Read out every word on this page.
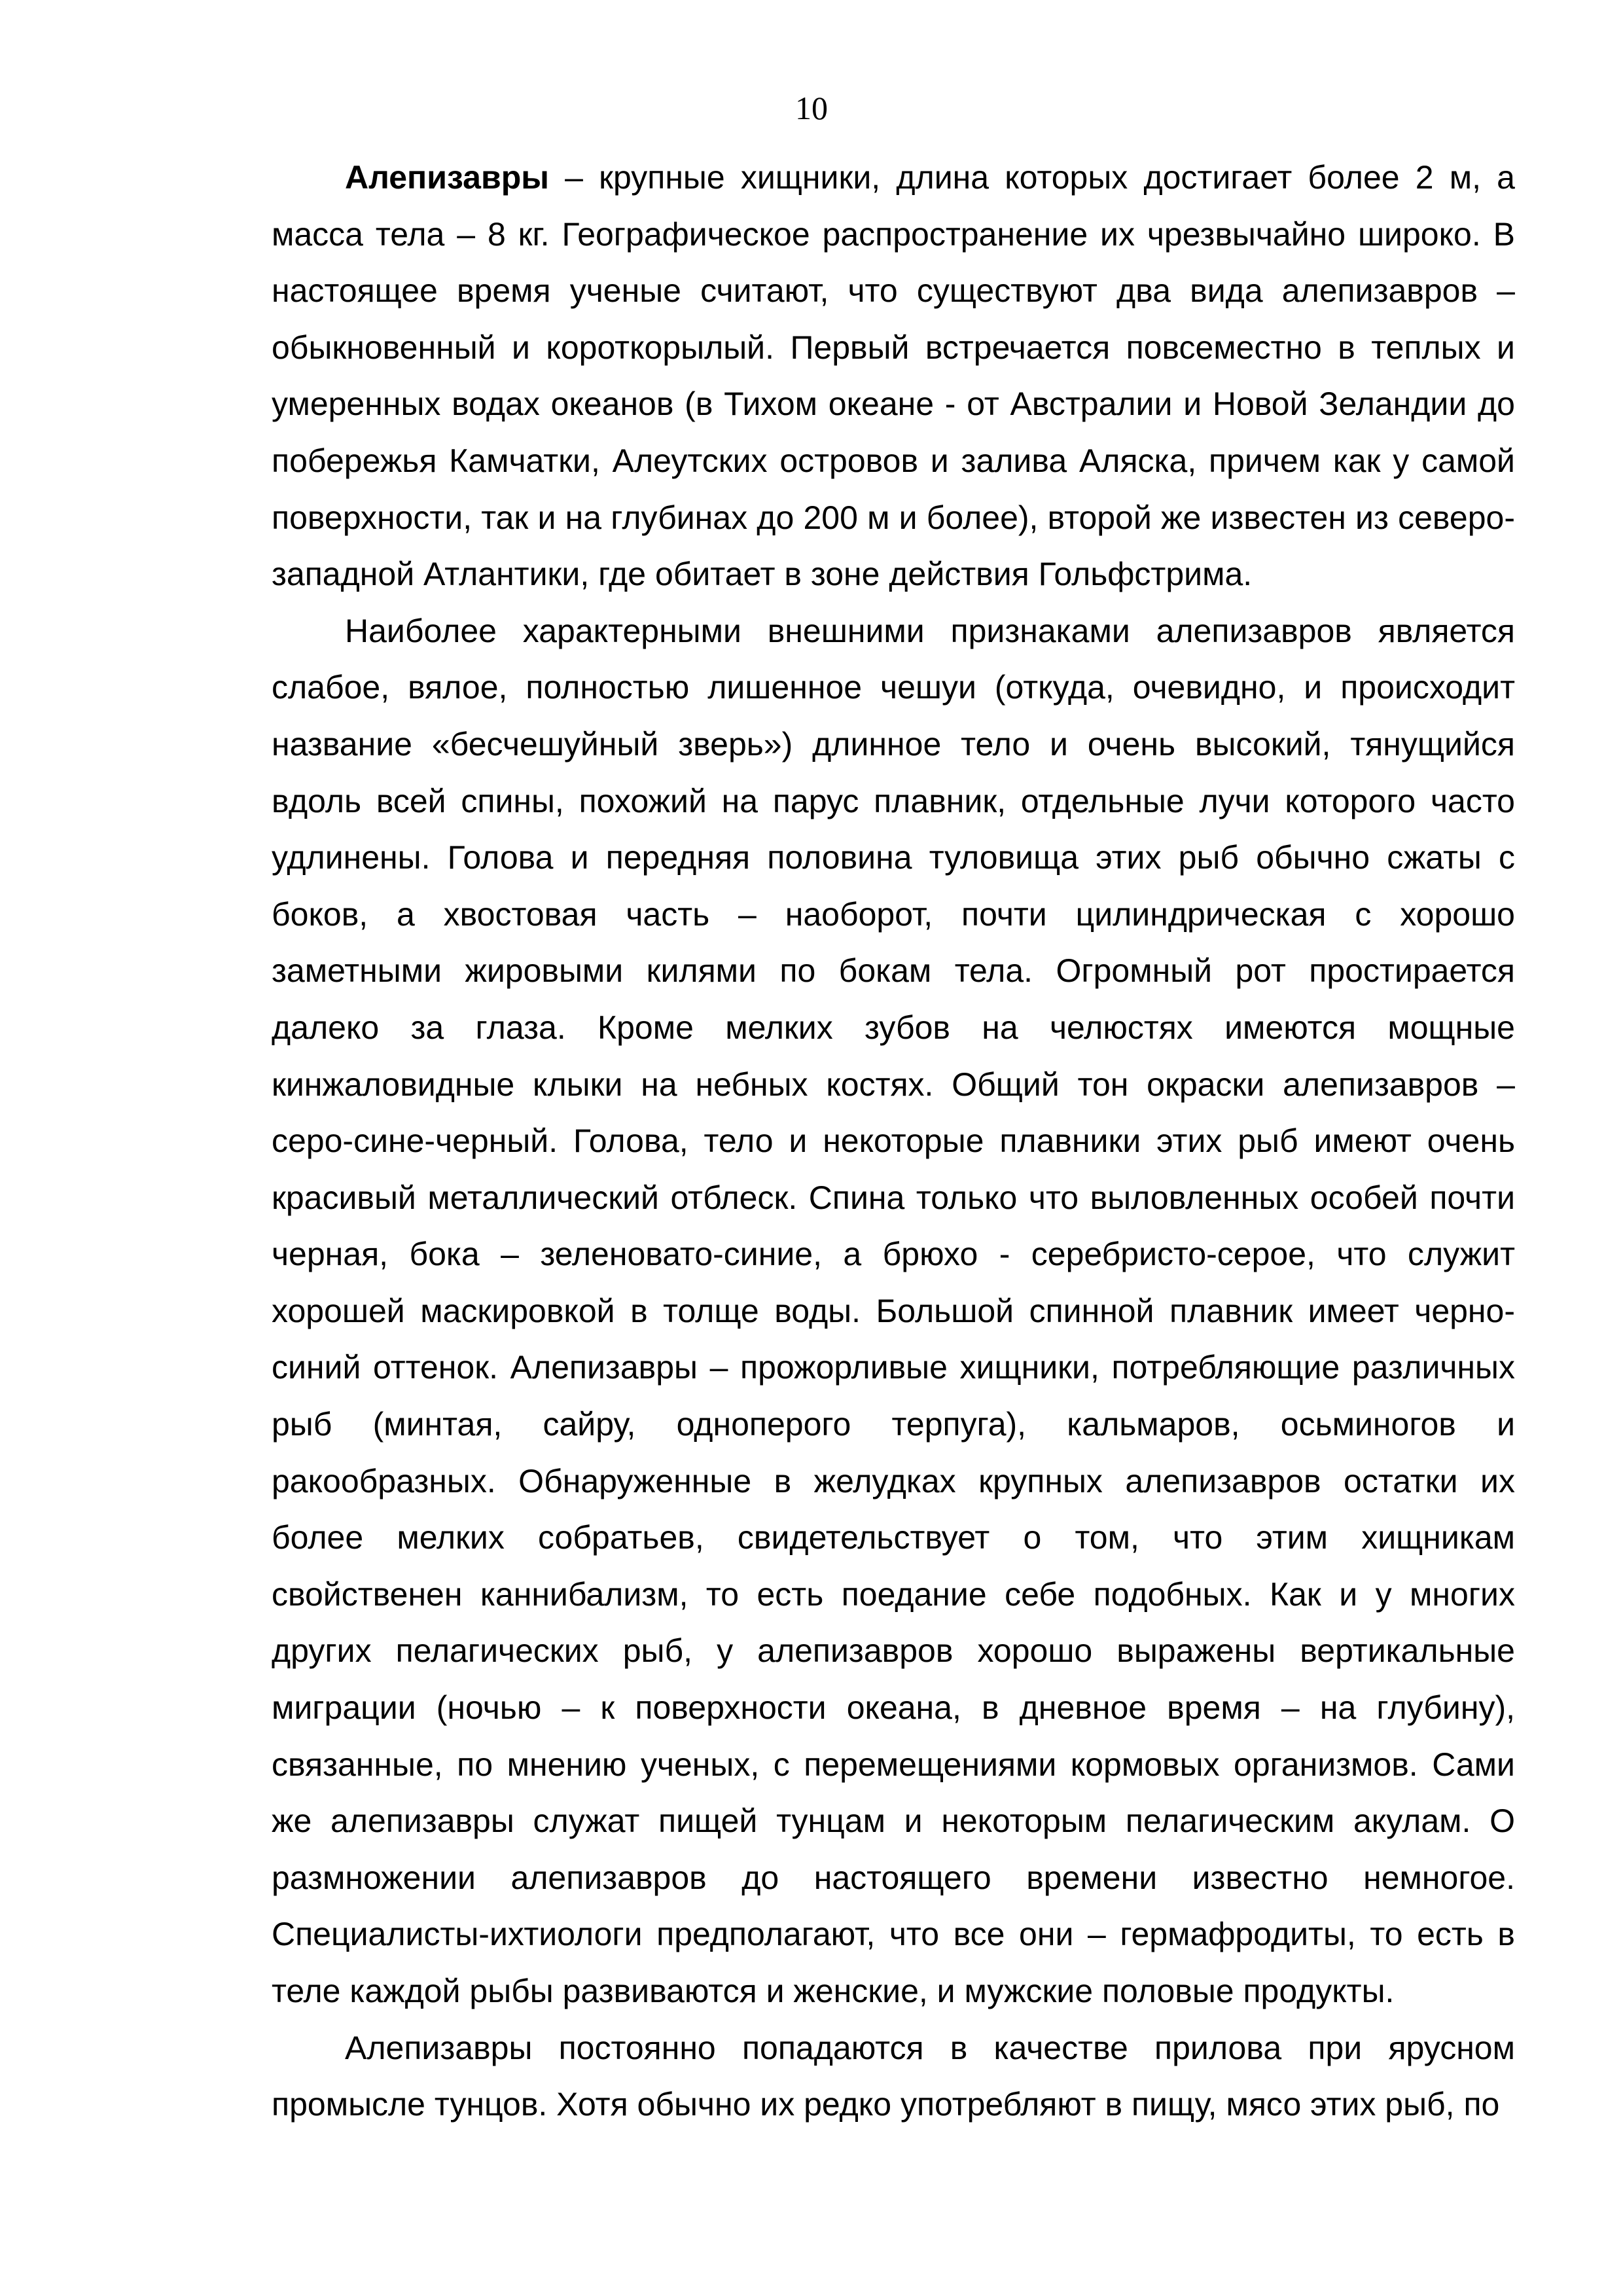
10

Алепизавры – крупные хищники, длина которых достигает более 2 м, а масса тела – 8 кг. Географическое распространение их чрезвычайно широко. В настоящее время ученые считают, что существуют два вида алепизавров – обыкновенный и короткорылый. Первый встречается повсеместно в теплых и умеренных водах океанов (в Тихом океане - от Австралии и Новой Зеландии до побережья Камчатки, Алеутских островов и залива Аляска, причем как у самой поверхности, так и на глубинах до 200 м и более), второй же известен из северо-западной Атлантики, где обитает в зоне действия Гольфстрима.

Наиболее характерными внешними признаками алепизавров является слабое, вялое, полностью лишенное чешуи (откуда, очевидно, и происходит название «бесчешуйный зверь») длинное тело и очень высокий, тянущийся вдоль всей спины, похожий на парус плавник, отдельные лучи которого часто удлинены. Голова и передняя половина туловища этих рыб обычно сжаты с боков, а хвостовая часть – наоборот, почти цилиндрическая с хорошо заметными жировыми килями по бокам тела. Огромный рот простирается далеко за глаза. Кроме мелких зубов на челюстях имеются мощные кинжаловидные клыки на небных костях. Общий тон окраски алепизавров – серо-сине-черный. Голова, тело и некоторые плавники этих рыб имеют очень красивый металлический отблеск. Спина только что выловленных особей почти черная, бока – зеленовато-синие, а брюхо - серебристо-серое, что служит хорошей маскировкой в толще воды. Большой спинной плавник имеет черно-синий оттенок. Алепизавры – прожорливые хищники, потребляющие различных рыб (минтая, сайру, одноперого терпуга), кальмаров, осьминогов и ракообразных. Обнаруженные в желудках крупных алепизавров остатки их более мелких собратьев, свидетельствует о том, что этим хищникам свойственен каннибализм, то есть поедание себе подобных. Как и у многих других пелагических рыб, у алепизавров хорошо выражены вертикальные миграции (ночью – к поверхности океана, в дневное время – на глубину), связанные, по мнению ученых, с перемещениями кормовых организмов. Сами же алепизавры служат пищей тунцам и некоторым пелагическим акулам. О размножении алепизавров до настоящего времени известно немногое. Специалисты-ихтиологи предполагают, что все они – гермафродиты, то есть в теле каждой рыбы развиваются и женские, и мужские половые продукты.

Алепизавры постоянно попадаются в качестве прилова при ярусном промысле тунцов. Хотя обычно их редко употребляют в пищу, мясо этих рыб, по
